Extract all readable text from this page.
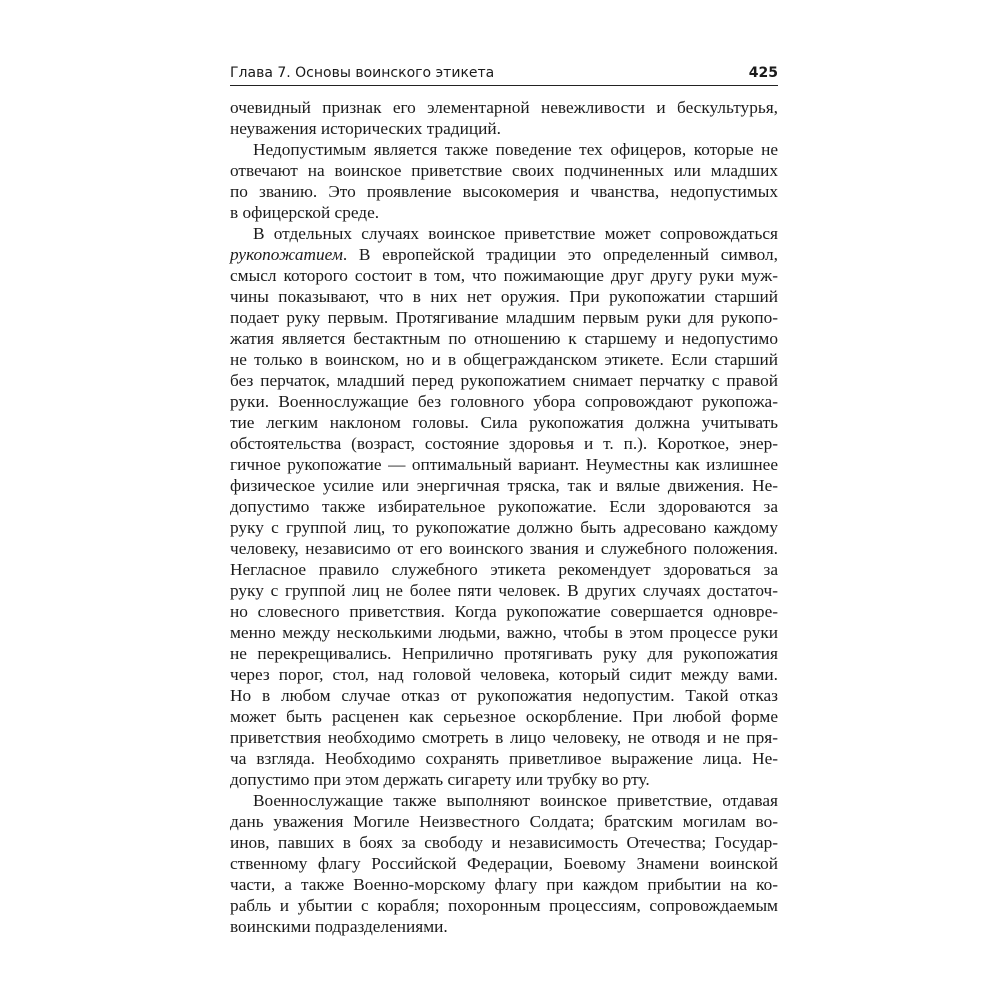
Глава 7. Основы воинского этикета	425
очевидный признак его элементарной невежливости и бескультурья,
неуважения исторических традиций.
Недопустимым является также поведение тех офицеров, которые не
отвечают на воинское приветствие своих подчиненных или младших
по званию. Это проявление высокомерия и чванства, недопустимых
в офицерской среде.
В отдельных случаях воинское приветствие может сопровождаться
рукопожатием. В европейской традиции это определенный символ,
смысл которого состоит в том, что пожимающие друг другу руки муж-
чины показывают, что в них нет оружия. При рукопожатии старший
подает руку первым. Протягивание младшим первым руки для рукопо-
жатия является бестактным по отношению к старшему и недопустимо
не только в воинском, но и в общегражданском этикете. Если старший
без перчаток, младший перед рукопожатием снимает перчатку с правой
руки. Военнослужащие без головного убора сопровождают рукопожа-
тие легким наклоном головы. Сила рукопожатия должна учитывать
обстоятельства (возраст, состояние здоровья и т. п.). Короткое, энер-
гичное рукопожатие — оптимальный вариант. Неуместны как излишнее
физическое усилие или энергичная тряска, так и вялые движения. Не-
допустимо также избирательное рукопожатие. Если здороваются за
руку с группой лиц, то рукопожатие должно быть адресовано каждому
человеку, независимо от его воинского звания и служебного положения.
Негласное правило служебного этикета рекомендует здороваться за
руку с группой лиц не более пяти человек. В других случаях достаточ-
но словесного приветствия. Когда рукопожатие совершается одновре-
менно между несколькими людьми, важно, чтобы в этом процессе руки
не перекрещивались. Неприлично протягивать руку для рукопожатия
через порог, стол, над головой человека, который сидит между вами.
Но в любом случае отказ от рукопожатия недопустим. Такой отказ
может быть расценен как серьезное оскорбление. При любой форме
приветствия необходимо смотреть в лицо человеку, не отводя и не пря-
ча взгляда. Необходимо сохранять приветливое выражение лица. Не-
допустимо при этом держать сигарету или трубку во рту.
Военнослужащие также выполняют воинское приветствие, отдавая
дань уважения Могиле Неизвестного Солдата; братским могилам во-
инов, павших в боях за свободу и независимость Отечества; Государ-
ственному флагу Российской Федерации, Боевому Знамени воинской
части, а также Военно-морскому флагу при каждом прибытии на ко-
рабль и убытии с корабля; похоронным процессиям, сопровождаемым
воинскими подразделениями.
